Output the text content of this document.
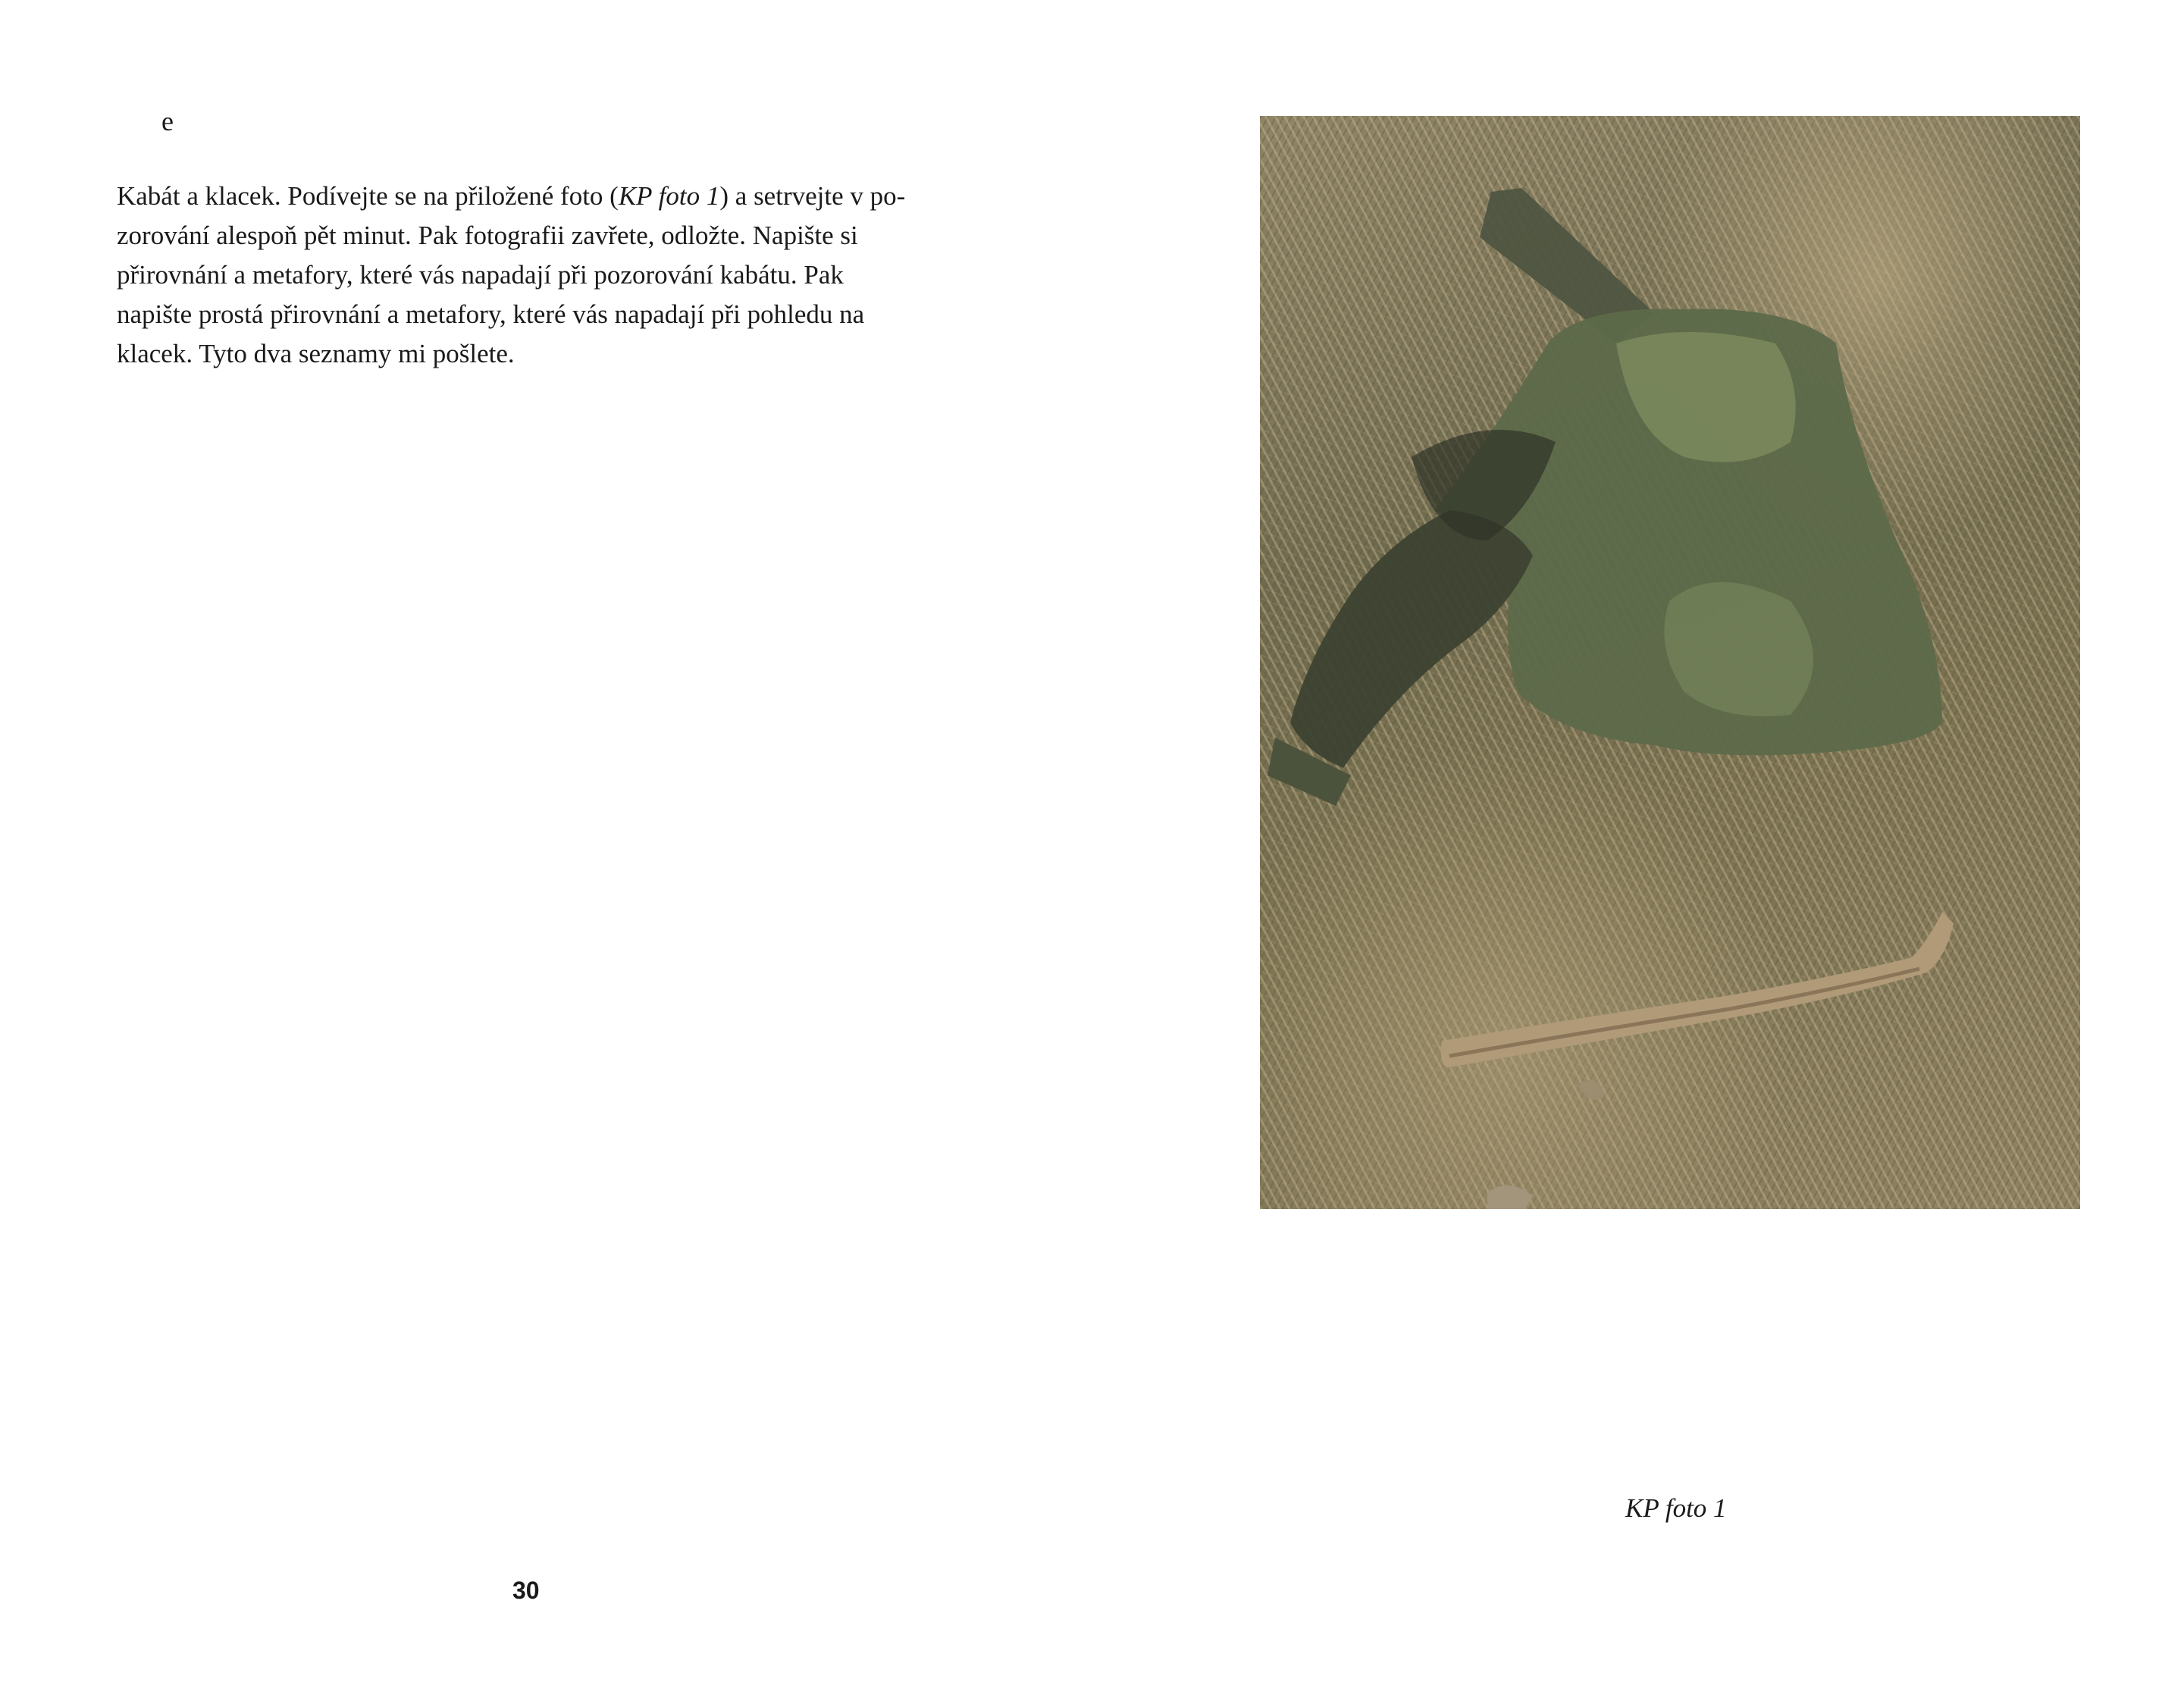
e

Kabát a klacek. Podívejte se na přiložené foto (KP foto 1) a setrvejte v po-
zorování alespoň pět minut. Pak fotografii zavřete, odložte. Napište si
přirovnání a metafory, které vás napadají při pozorování kabátu. Pak
napište prostá přirovnání a metafory, které vás napadají při pohledu na
klacek. Tyto dva seznamy mi pošlete.

30
KP foto 1
